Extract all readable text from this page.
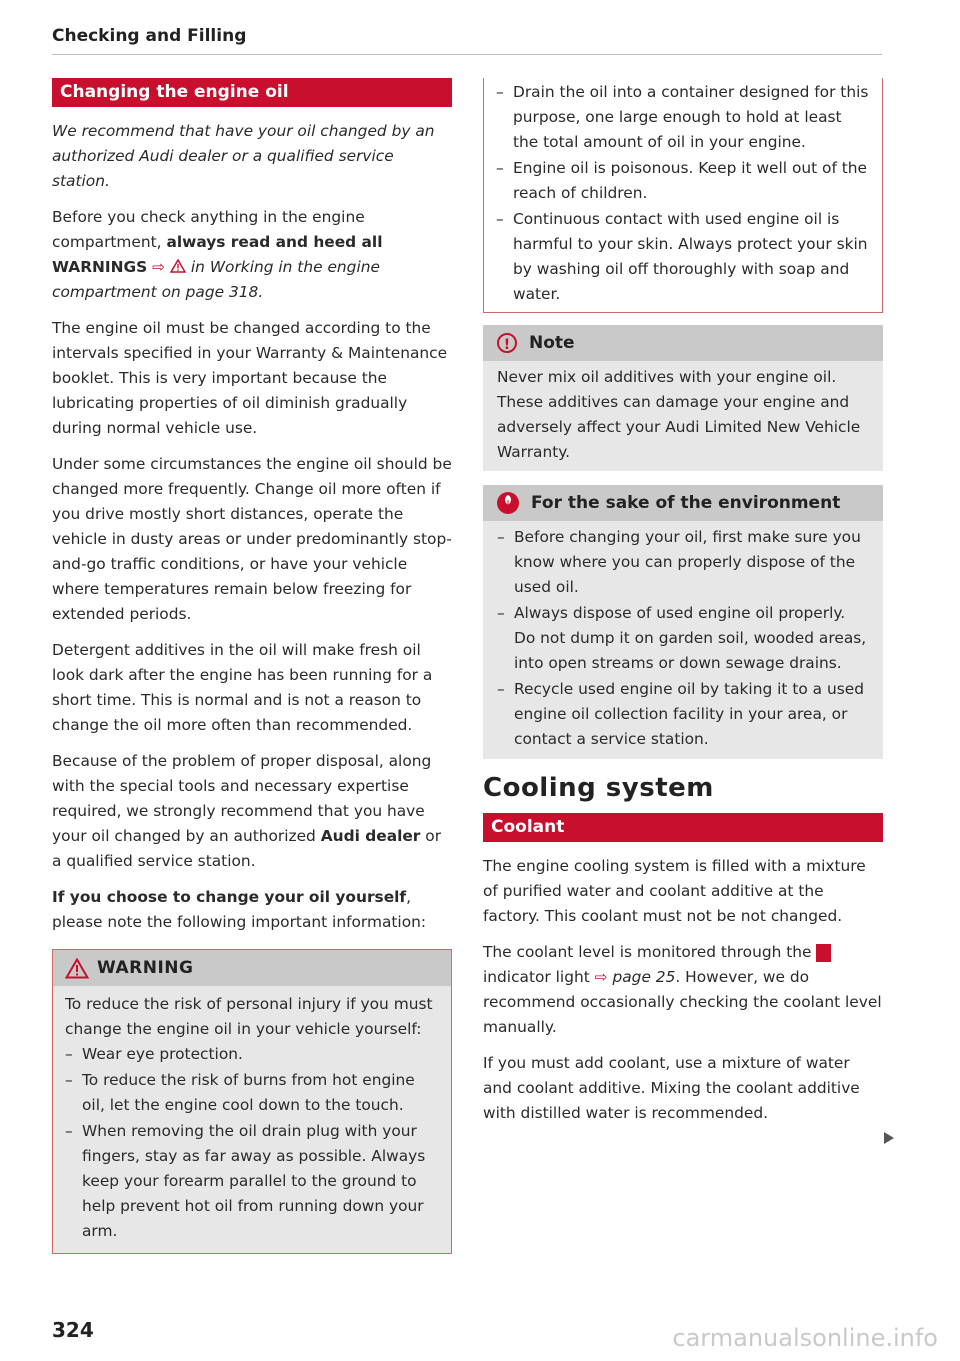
Checking and Filling
Changing the engine oil

We recommend that have your oil changed by an authorized Audi dealer or a qualified service station.

Before you check anything in the engine compartment, always read and heed all WARNINGS ⇨ in Working in the engine compartment on page 318.

The engine oil must be changed according to the intervals specified in your Warranty & Maintenance booklet. This is very important because the lubricating properties of oil diminish gradually during normal vehicle use.

Under some circumstances the engine oil should be changed more frequently. Change oil more often if you drive mostly short distances, operate the vehicle in dusty areas or under predominantly stop-and-go traffic conditions, or have your vehicle where temperatures remain below freezing for extended periods.

Detergent additives in the oil will make fresh oil look dark after the engine has been running for a short time. This is normal and is not a reason to change the oil more often than recommended.

Because of the problem of proper disposal, along with the special tools and necessary expertise required, we strongly recommend that you have your oil changed by an authorized Audi dealer or a qualified service station.

If you choose to change your oil yourself, please note the following important information:

WARNING

To reduce the risk of personal injury if you must change the engine oil in your vehicle yourself:

– Wear eye protection.
– To reduce the risk of burns from hot engine oil, let the engine cool down to the touch.
– When removing the oil drain plug with your fingers, stay as far away as possible. Always keep your forearm parallel to the ground to help prevent hot oil from running down your arm.
– Drain the oil into a container designed for this purpose, one large enough to hold at least the total amount of oil in your engine.
– Engine oil is poisonous. Keep it well out of the reach of children.
– Continuous contact with used engine oil is harmful to your skin. Always protect your skin by washing oil off thoroughly with soap and water.
! Note

Never mix oil additives with your engine oil. These additives can damage your engine and adversely affect your Audi Limited New Vehicle Warranty.

For the sake of the environment
– Before changing your oil, first make sure you know where you can properly dispose of the used oil.
– Always dispose of used engine oil properly. Do not dump it on garden soil, wooded areas, into open streams or down sewage drains.
– Recycle used engine oil by taking it to a used engine oil collection facility in your area, or contact a service station.
Cooling system
Coolant

The engine cooling system is filled with a mixture of purified water and coolant additive at the factory. This coolant must not be not changed.

The coolant level is monitored through the  indicator light ⇨ page 25. However, we do recommend occasionally checking the coolant level manually.

If you must add coolant, use a mixture of water and coolant additive. Mixing the coolant additive with distilled water is recommended.

324	carmanualsonline.info
